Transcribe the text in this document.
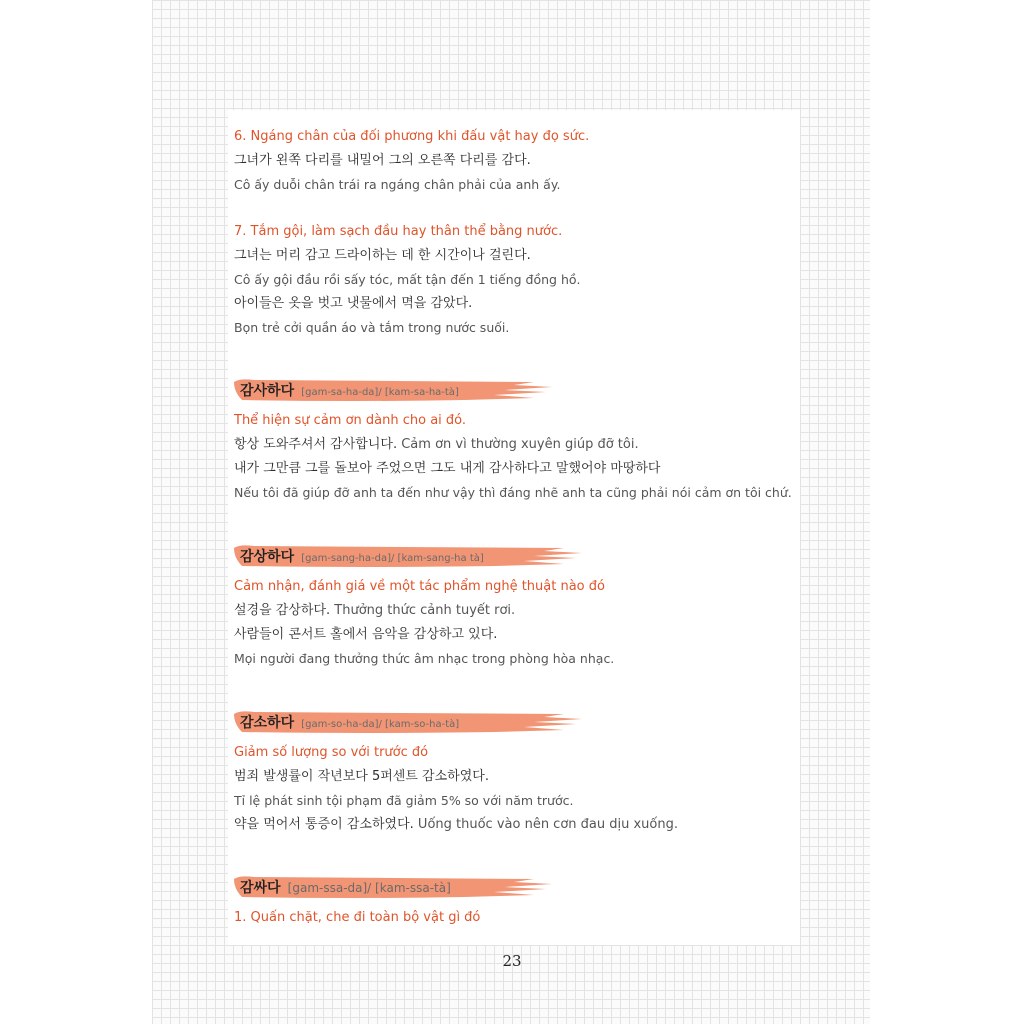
6. Ngáng chân của đối phương khi đấu vật hay đọ sức.
그녀가 왼쪽 다리를 내밀어 그의 오른쪽 다리를 감다.
Cô ấy duỗi chân trái ra ngáng chân phải của anh ấy.
7. Tắm gội, làm sạch đầu hay thân thể bằng nước.
그녀는 머리 감고 드라이하는 데 한 시간이나 걸린다.
Cô ấy gội đầu rồi sấy tóc, mất tận đến 1 tiếng đồng hồ.
아이들은 옷을 벗고 냇물에서 멱을 감았다.
Bọn trẻ cởi quần áo và tắm trong nước suối.
감사하다 [gam-sa-ha-da]/ [kam-sa-ha-tà]
Thể hiện sự cảm ơn dành cho ai đó.
항상 도와주셔서 감사합니다. Cảm ơn vì thường xuyên giúp đỡ tôi.
내가 그만큼 그를 돌보아 주었으면 그도 내게 감사하다고 말했어야 마땅하다
Nếu tôi đã giúp đỡ anh ta đến như vậy thì đáng nhẽ anh ta cũng phải nói cảm ơn tôi chứ.
감상하다 [gam-sang-ha-da]/ [kam-sang-ha tà]
Cảm nhận, đánh giá về một tác phẩm nghệ thuật nào đó
설경을 감상하다. Thưởng thức cảnh tuyết rơi.
사람들이 콘서트 홀에서 음악을 감상하고 있다.
Mọi người đang thưởng thức âm nhạc trong phòng hòa nhạc.
감소하다 [gam-so-ha-da]/ [kam-so-ha-tà]
Giảm số lượng so với trước đó
범죄 발생률이 작년보다 5퍼센트 감소하였다.
Tỉ lệ phát sinh tội phạm đã giảm 5% so với năm trước.
약을 먹어서 통증이 감소하였다. Uống thuốc vào nên cơn đau dịu xuống.
감싸다 [gam-ssa-da]/ [kam-ssa-tà]
1. Quấn chặt, che đi toàn bộ vật gì đó
23
